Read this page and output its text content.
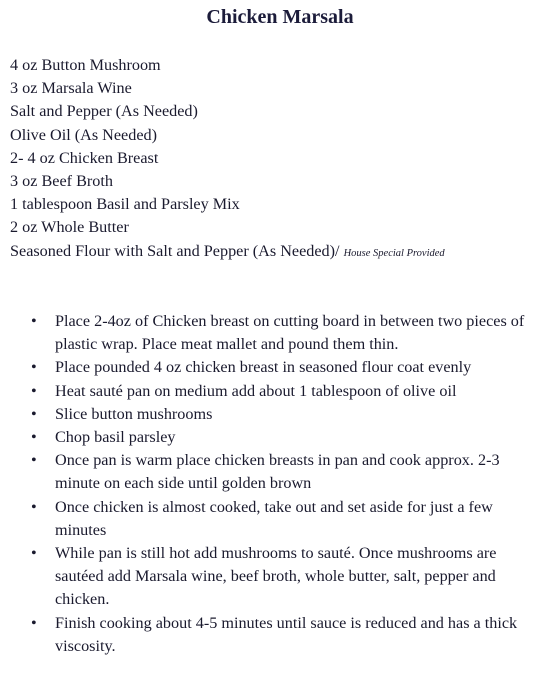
Chicken Marsala
4 oz Button Mushroom
3 oz Marsala Wine
Salt and Pepper (As Needed)
Olive Oil (As Needed)
2- 4 oz Chicken Breast
3 oz Beef Broth
1 tablespoon Basil and Parsley Mix
2 oz Whole Butter
Seasoned Flour with Salt and Pepper (As Needed)/ House Special Provided
•	Place 2-4oz of Chicken breast on cutting board in between two pieces of plastic wrap. Place meat mallet and pound them thin.
•	Place pounded 4 oz chicken breast in seasoned flour coat evenly
•	Heat sauté pan on medium add about 1 tablespoon of olive oil
•	Slice button mushrooms
•	Chop basil parsley
•	Once pan is warm place chicken breasts in pan and cook approx. 2-3 minute on each side until golden brown
•	Once chicken is almost cooked, take out and set aside for just a few minutes
•	While pan is still hot add mushrooms to sauté. Once mushrooms are sautéed add Marsala wine, beef broth, whole butter, salt, pepper and chicken.
•	Finish cooking about 4-5 minutes until sauce is reduced and has a thick viscosity.
